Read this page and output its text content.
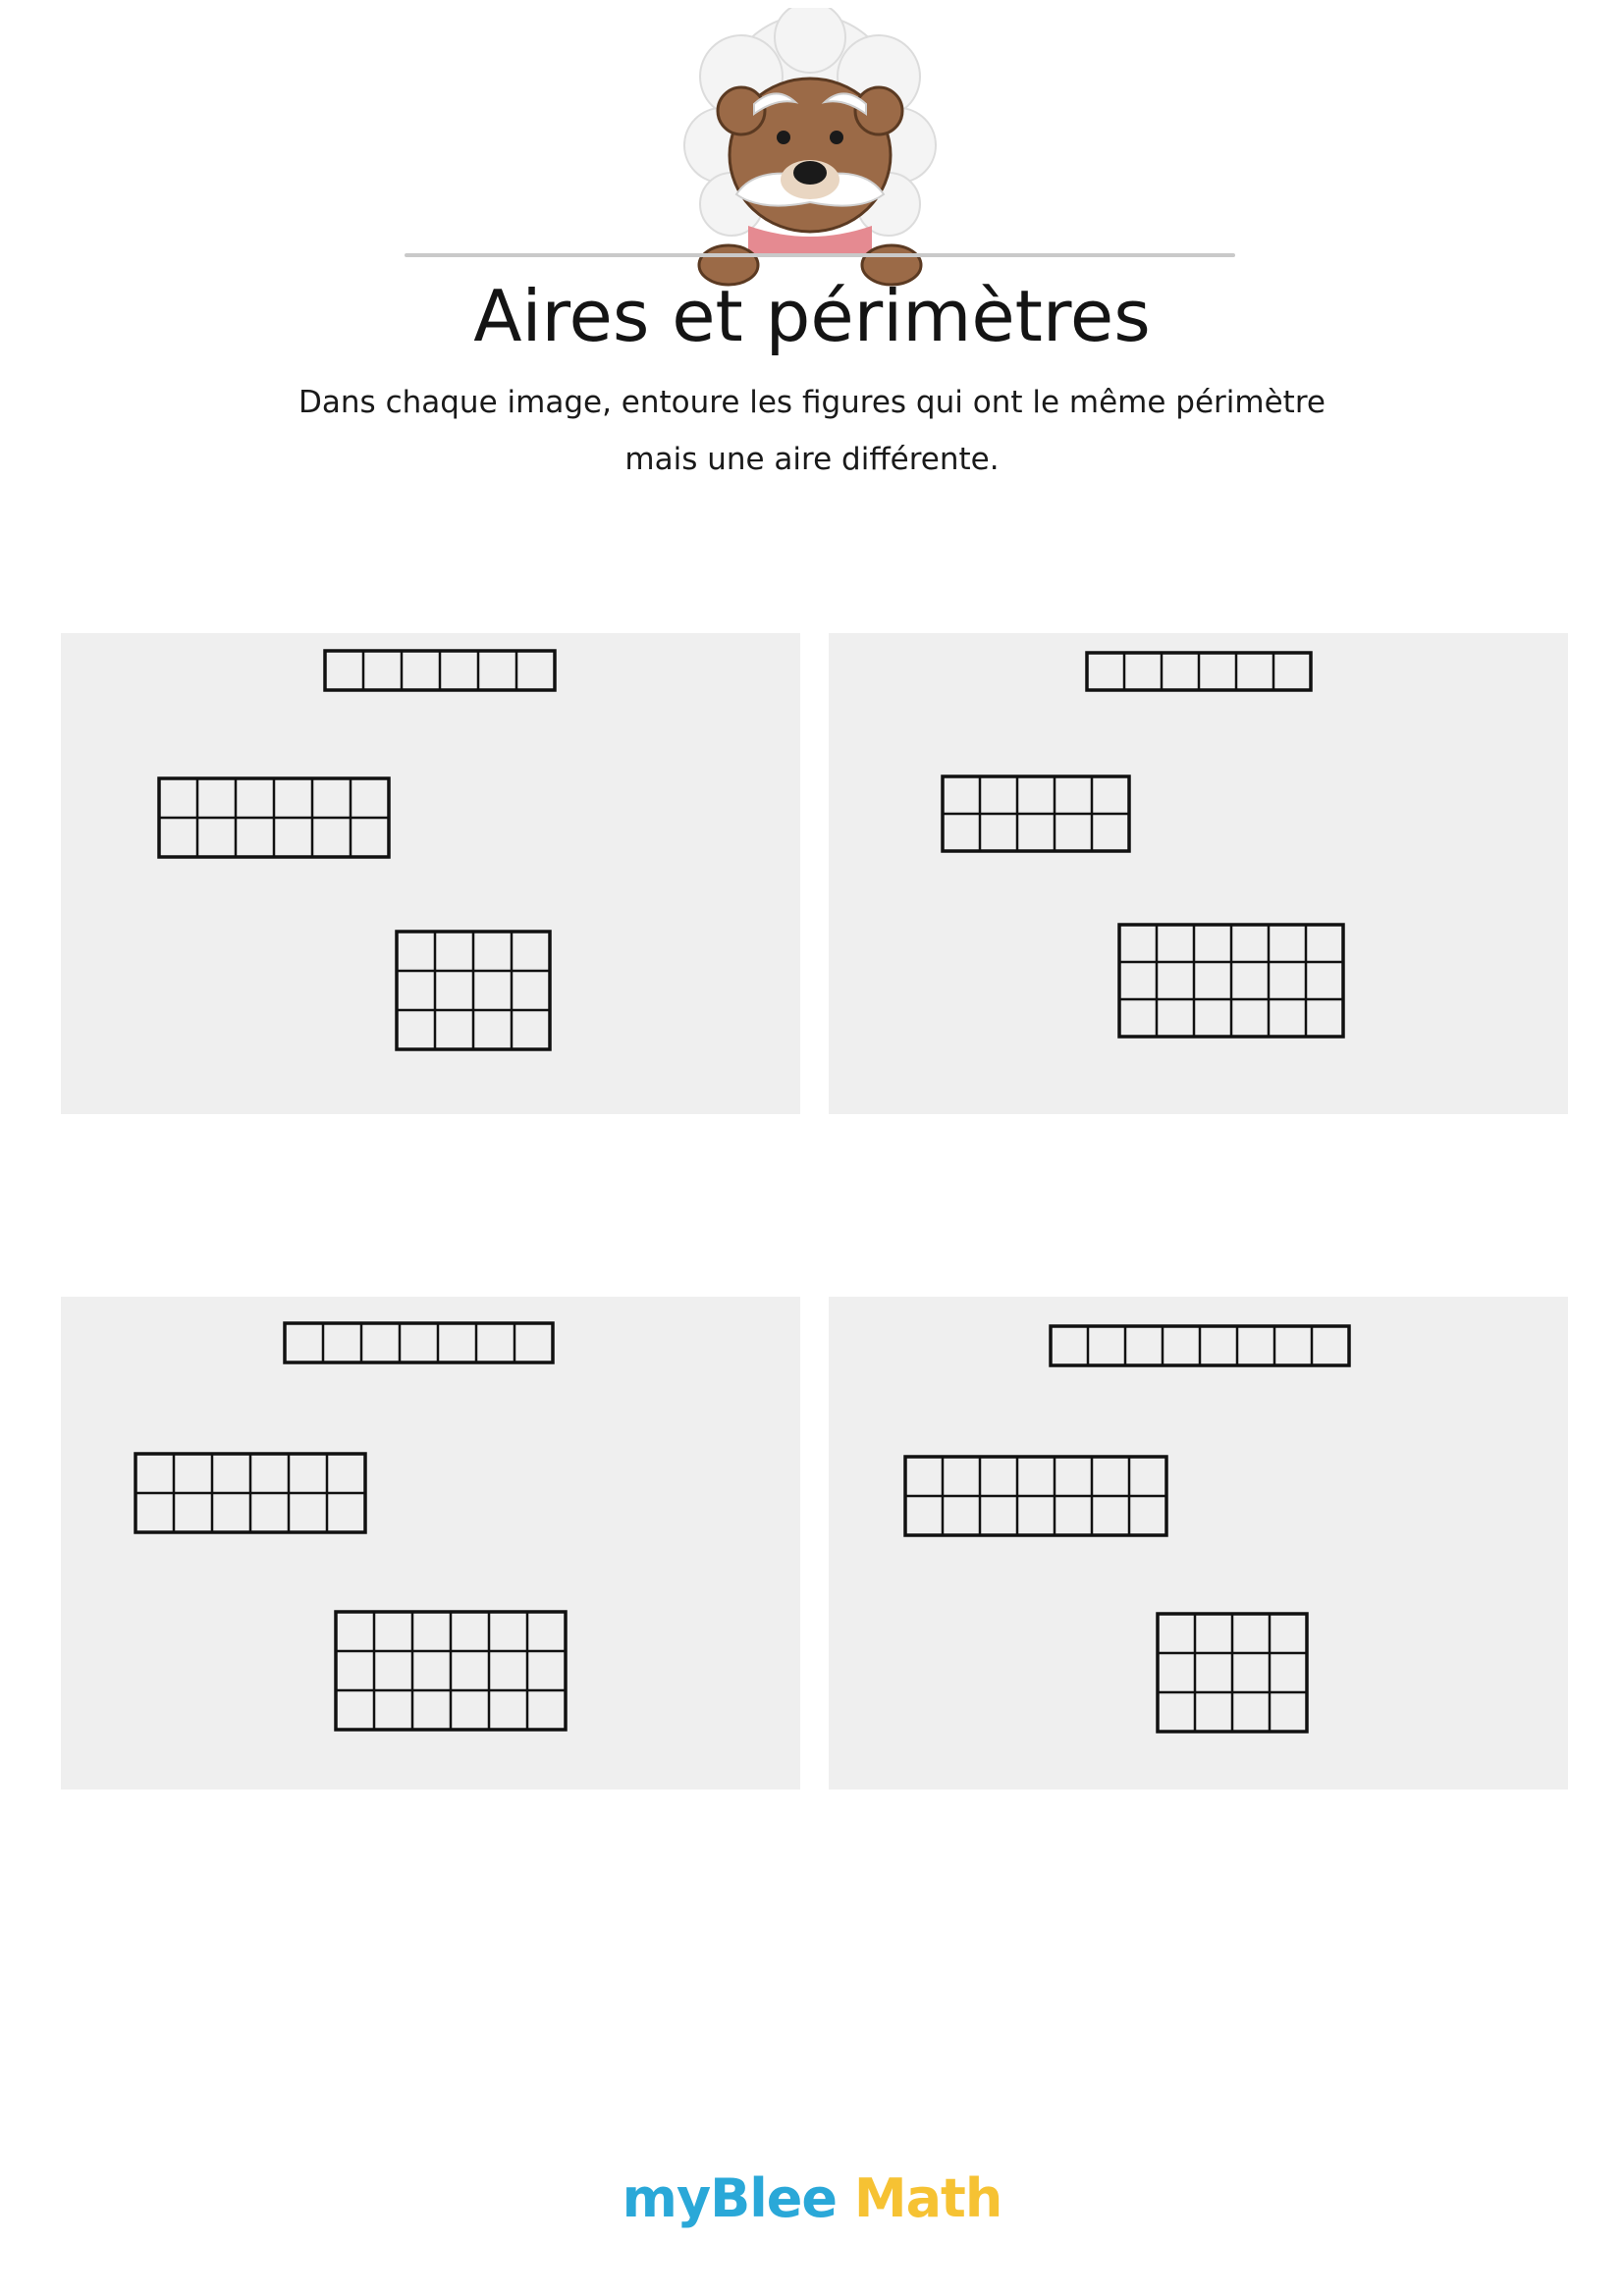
Aires et périmètres
Dans chaque image, entoure les figures qui ont le même périmètre
mais une aire différente.
myBlee Math
